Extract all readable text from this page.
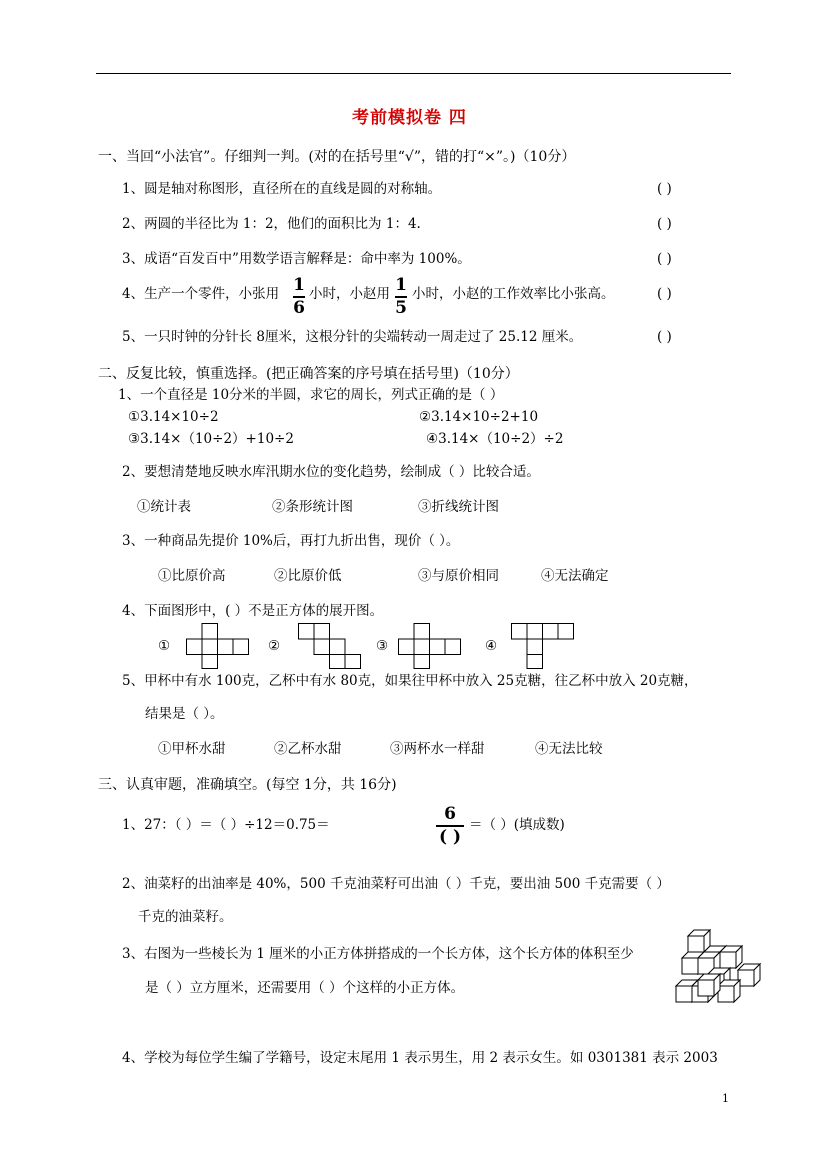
考前模拟卷 四
一、当回“小法官”。仔细判一判。(对的在括号里“√”，错的打“×”。)（10分）
1、圆是轴对称图形，直径所在的直线是圆的对称轴。	( )
2、两圆的半径比为 1：2，他们的面积比为 1：4.	( )
3、成语“百发百中”用数学语言解释是：命中率为 100%。	( )
4、生产一个零件，小张用 1
6
小时，小赵用 1
5
小时，小赵的工作效率比小张高。	( )
5、一只时钟的分针长 8厘米，这根分针的尖端转动一周走过了 25.12 厘米。	( )
二、反复比较，慎重选择。(把正确答案的序号填在括号里)（10分）
1、一个直径是 10分米的半圆，求它的周长，列式正确的是（ ）
①3.14×10÷2	②3.14×10÷2+10
③3.14×（10÷2）+10÷2	④3.14×（10÷2）÷2
2、要想清楚地反映水库汛期水位的变化趋势，绘制成（ ）比较合适。
①统计表	②条形统计图	③折线统计图
3、一种商品先提价 10%后，再打九折出售，现价（ ）。
①比原价高	②比原价低	③与原价相同	④无法确定
4、下面图形中，( ）不是正方体的展开图。
①	②	③	④
5、甲杯中有水 100克，乙杯中有水 80克，如果往甲杯中放入 25克糖，往乙杯中放入 20克糖，
结果是（ ）。
①甲杯水甜	②乙杯水甜	③两杯水一样甜	④无法比较
三、认真审题，准确填空。(每空 1分，共 16分)
1、27：（ ）＝（ ）÷12＝0.75＝
6
( )
＝（ ）(填成数)
2、油菜籽的出油率是 40%，500 千克油菜籽可出油（ ）千克，要出油 500 千克需要（ ）
千克的油菜籽。
3、右图为一些棱长为 1 厘米的小正方体拼搭成的一个长方体，这个长方体的体积至少
是（ ）立方厘米，还需要用（ ）个这样的小正方体。
4、学校为每位学生编了学籍号，设定末尾用 1 表示男生，用 2 表示女生。如 0301381 表示 2003
1
